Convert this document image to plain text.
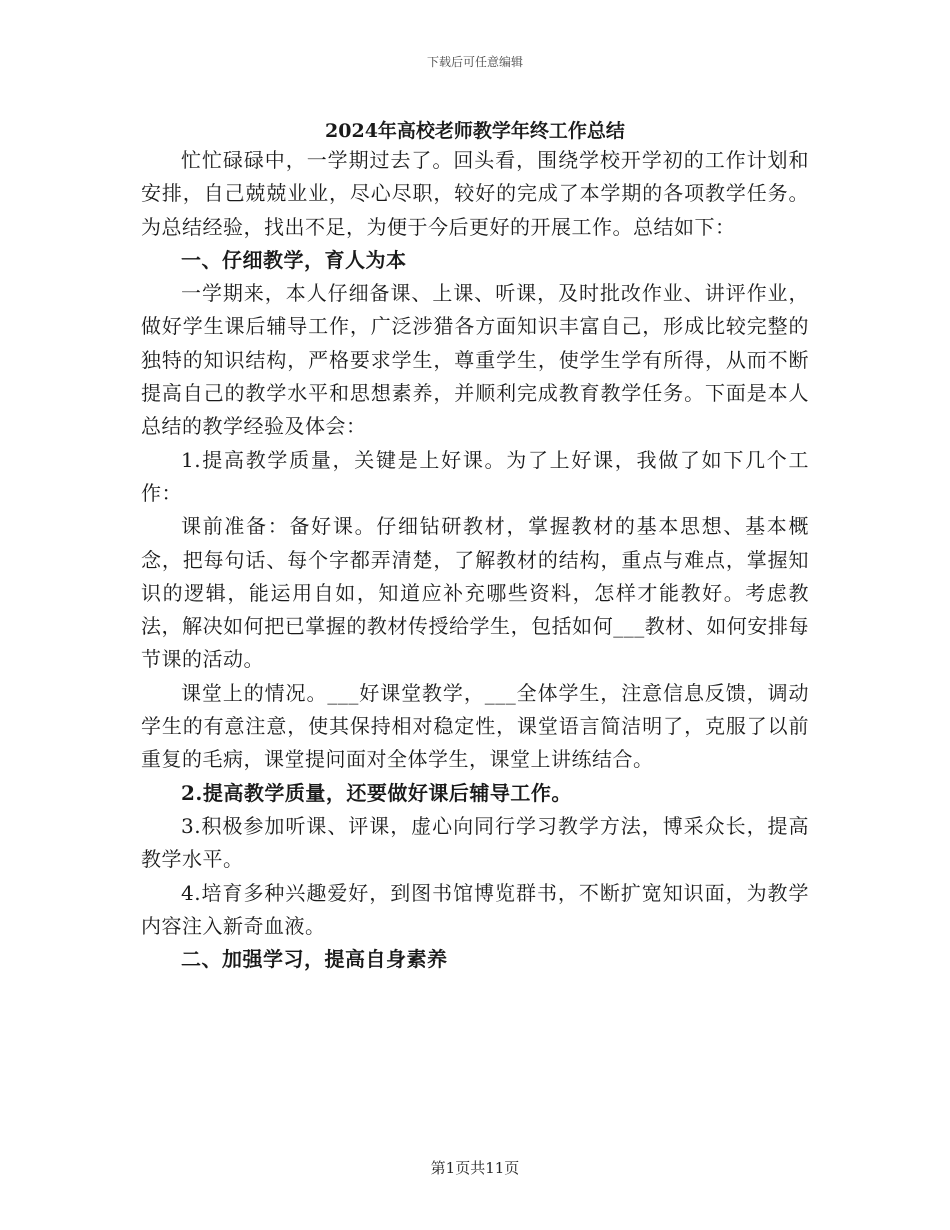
下载后可任意编辑
2024年高校老师教学年终工作总结

忙忙碌碌中，一学期过去了。回头看，围绕学校开学初的工作计划和安排，自己兢兢业业，尽心尽职，较好的完成了本学期的各项教学任务。为总结经验，找出不足，为便于今后更好的开展工作。总结如下：

一、仔细教学，育人为本

一学期来，本人仔细备课、上课、听课，及时批改作业、讲评作业，做好学生课后辅导工作，广泛涉猎各方面知识丰富自己，形成比较完整的独特的知识结构，严格要求学生，尊重学生，使学生学有所得，从而不断提高自己的教学水平和思想素养，并顺利完成教育教学任务。下面是本人总结的教学经验及体会：

1.提高教学质量，关键是上好课。为了上好课，我做了如下几个工作：

课前准备：备好课。仔细钻研教材，掌握教材的基本思想、基本概念，把每句话、每个字都弄清楚，了解教材的结构，重点与难点，掌握知识的逻辑，能运用自如，知道应补充哪些资料，怎样才能教好。考虑教法，解决如何把已掌握的教材传授给学生，包括如何___教材、如何安排每节课的活动。

课堂上的情况。___好课堂教学，___全体学生，注意信息反馈，调动学生的有意注意，使其保持相对稳定性，课堂语言简洁明了，克服了以前重复的毛病，课堂提问面对全体学生，课堂上讲练结合。

2.提高教学质量，还要做好课后辅导工作。

3.积极参加听课、评课，虚心向同行学习教学方法，博采众长，提高教学水平。

4.培育多种兴趣爱好，到图书馆博览群书，不断扩宽知识面，为教学内容注入新奇血液。

二、加强学习，提高自身素养

第1页共11页
